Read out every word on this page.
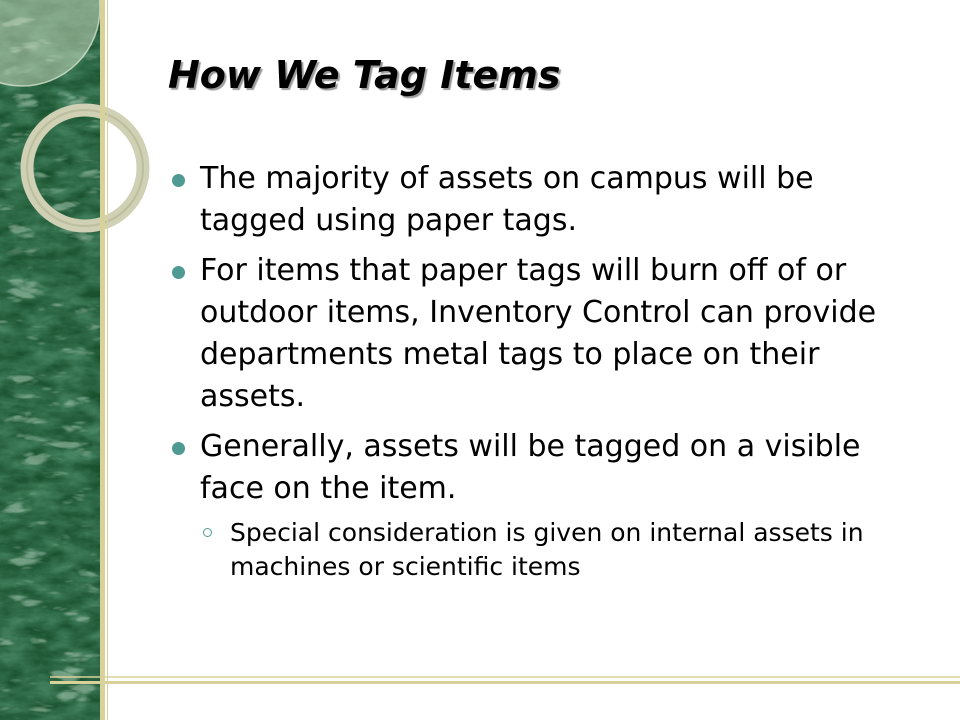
How We Tag Items
The majority of assets on campus will be tagged using paper tags.
For items that paper tags will burn off of or outdoor items, Inventory Control can provide departments metal tags to place on their assets.
Generally, assets will be tagged on a visible face on the item.
Special consideration is given on internal assets in machines or scientific items
